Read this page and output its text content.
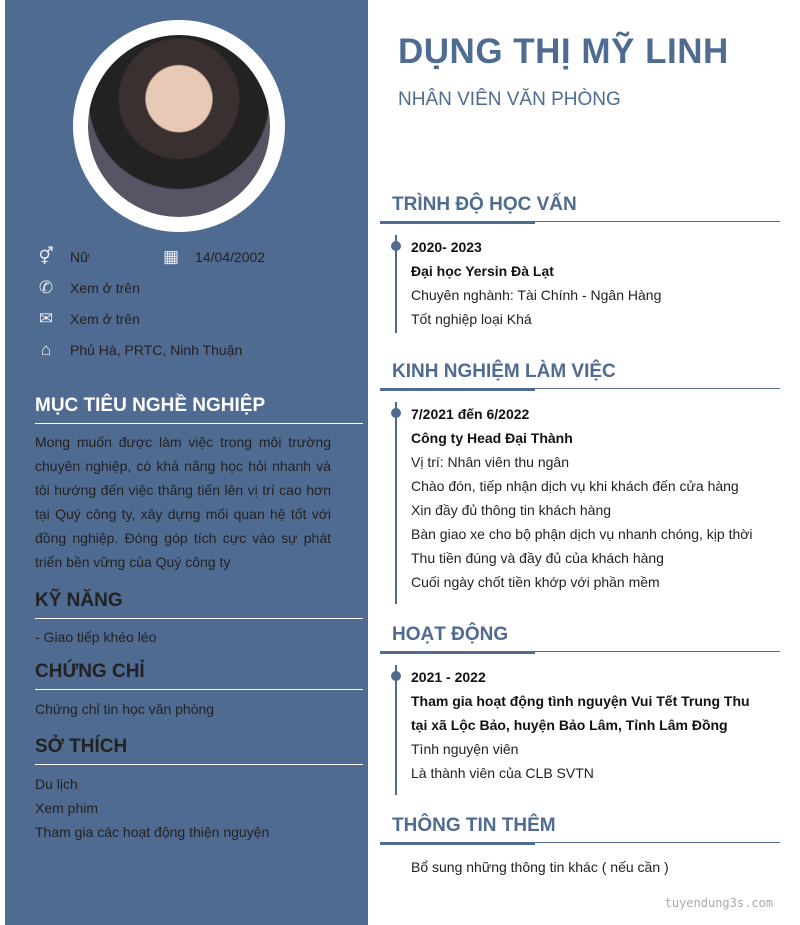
⚥ Nữ	▦ 14/04/2002
✆ Xem ở trên
✉ Xem ở trên
⌂	Phủ Hà, PRTC, Ninh Thuận
MỤC TIÊU NGHỀ NGHIỆP
Mong muốn được làm việc trong môi trường chuyên nghiệp, có khả năng học hỏi nhanh và tôi hướng đến việc thăng tiến lên vị trí cao hơn tại Quý công ty, xây dựng mối quan hệ tốt với đồng nghiệp. Đóng góp tích cực vào sự phát triển bền vững của Quý công ty
KỸ NĂNG
- Giao tiếp khéo léo
CHỨNG CHỈ
Chứng chỉ tin học văn phòng
SỞ THÍCH
Du lịch
Xem phim
Tham gia các hoạt động thiện nguyện
DỤNG THỊ MỸ LINH
NHÂN VIÊN VĂN PHÒNG
TRÌNH ĐỘ HỌC VẤN
2020- 2023
Đại học Yersin Đà Lạt
Chuyên nghành: Tài Chính - Ngân Hàng
Tốt nghiệp loại Khá
KINH NGHIỆM LÀM VIỆC
7/2021 đến 6/2022
Công ty Head Đại Thành
Vị trí: Nhân viên thu ngân
Chào đón, tiếp nhận dịch vụ khi khách đến cửa hàng
Xin đầy đủ thông tin khách hàng
Bàn giao xe cho bộ phận dịch vụ nhanh chóng, kịp thời
Thu tiền đúng và đầy đủ của khách hàng
Cuối ngày chốt tiền khớp với phần mềm
HOẠT ĐỘNG
2021 - 2022
Tham gia hoạt động tình nguyện Vui Tết Trung Thu tại xã Lộc Bảo, huyện Bảo Lâm, Tỉnh Lâm Đồng
Tình nguyện viên
Là thành viên của CLB SVTN
THÔNG TIN THÊM
Bổ sung những thông tin khác ( nếu cần )
tuyendung3s.com
